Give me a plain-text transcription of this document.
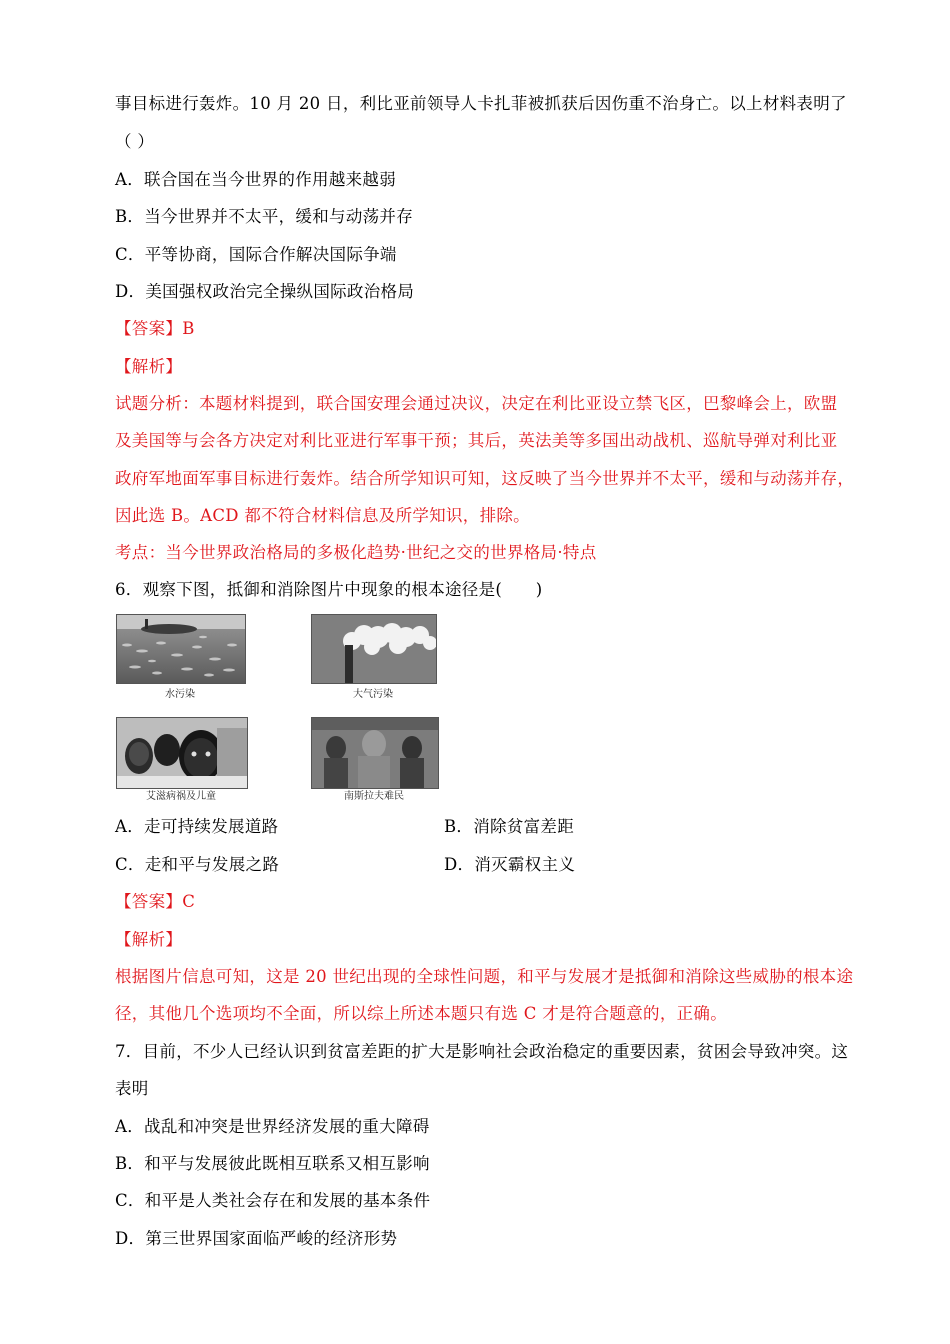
事目标进行轰炸。10 月 20 日，利比亚前领导人卡扎菲被抓获后因伤重不治身亡。以上材料表明了
（ ）
A．联合国在当今世界的作用越来越弱
B．当今世界并不太平，缓和与动荡并存
C．平等协商，国际合作解决国际争端
D．美国强权政治完全操纵国际政治格局
【答案】B
【解析】
试题分析：本题材料提到，联合国安理会通过决议，决定在利比亚设立禁飞区，巴黎峰会上，欧盟
及美国等与会各方决定对利比亚进行军事干预；其后，英法美等多国出动战机、巡航导弹对利比亚
政府军地面军事目标进行轰炸。结合所学知识可知，这反映了当今世界并不太平，缓和与动荡并存，
因此选 B。ACD 都不符合材料信息及所学知识，排除。
考点：当今世界政治格局的多极化趋势·世纪之交的世界格局·特点
6．观察下图，抵御和消除图片中现象的根本途径是(　　)
水污染	大气污染
艾滋病祸及儿童	南斯拉夫难民
A．走可持续发展道路	B．消除贫富差距
C．走和平与发展之路	D．消灭霸权主义
【答案】C
【解析】
根据图片信息可知，这是 20 世纪出现的全球性问题，和平与发展才是抵御和消除这些威胁的根本途
径，其他几个选项均不全面，所以综上所述本题只有选 C 才是符合题意的，正确。
7．目前，不少人已经认识到贫富差距的扩大是影响社会政治稳定的重要因素，贫困会导致冲突。这
表明
A．战乱和冲突是世界经济发展的重大障碍
B．和平与发展彼此既相互联系又相互影响
C．和平是人类社会存在和发展的基本条件
D．第三世界国家面临严峻的经济形势
